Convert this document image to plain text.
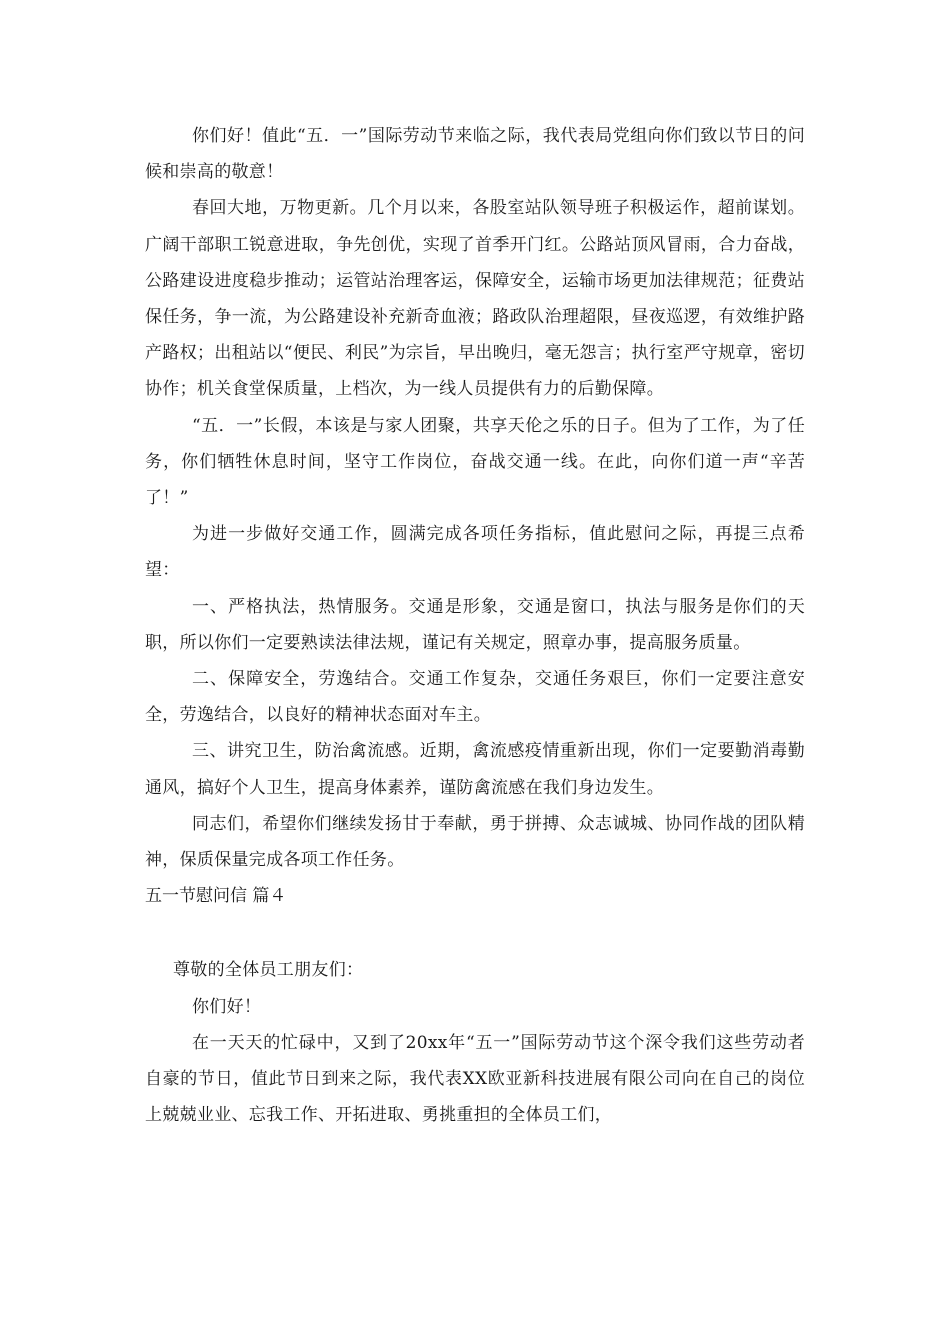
你们好！值此“五．一”国际劳动节来临之际，我代表局党组向你们致以节日的问候和崇高的敬意！

春回大地，万物更新。几个月以来，各股室站队领导班子积极运作，超前谋划。广阔干部职工锐意进取，争先创优，实现了首季开门红。公路站顶风冒雨，合力奋战，公路建设进度稳步推动；运管站治理客运，保障安全，运输市场更加法律规范；征费站保任务，争一流，为公路建设补充新奇血液；路政队治理超限，昼夜巡逻，有效维护路产路权；出租站以“便民、利民”为宗旨，早出晚归，毫无怨言；执行室严守规章，密切协作；机关食堂保质量，上档次，为一线人员提供有力的后勤保障。

“五．一”长假，本该是与家人团聚，共享天伦之乐的日子。但为了工作，为了任务，你们牺牲休息时间，坚守工作岗位，奋战交通一线。在此，向你们道一声“辛苦了！”

为进一步做好交通工作，圆满完成各项任务指标，值此慰问之际，再提三点希望：

一、严格执法，热情服务。交通是形象，交通是窗口，执法与服务是你们的天职，所以你们一定要熟读法律法规，谨记有关规定，照章办事，提高服务质量。

二、保障安全，劳逸结合。交通工作复杂，交通任务艰巨，你们一定要注意安全，劳逸结合，以良好的精神状态面对车主。

三、讲究卫生，防治禽流感。近期，禽流感疫情重新出现，你们一定要勤消毒勤通风，搞好个人卫生，提高身体素养，谨防禽流感在我们身边发生。

同志们，希望你们继续发扬甘于奉献，勇于拼搏、众志诚城、协同作战的团队精神，保质保量完成各项工作任务。

五一节慰问信 篇４

尊敬的全体员工朋友们：

你们好！

在一天天的忙碌中，又到了20xx年“五一”国际劳动节这个深令我们这些劳动者自豪的节日，值此节日到来之际，我代表XX欧亚新科技进展有限公司向在自己的岗位上兢兢业业、忘我工作、开拓进取、勇挑重担的全体员工们，
